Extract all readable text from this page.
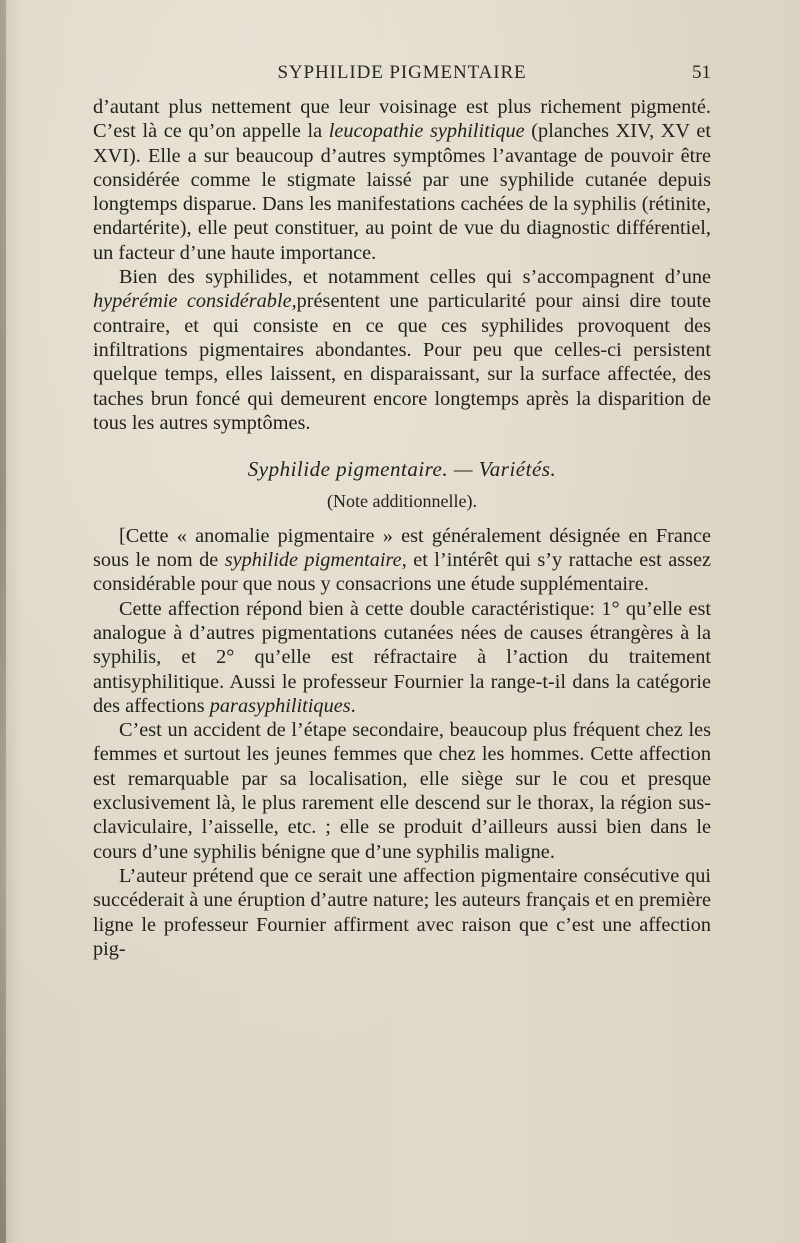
SYPHILIDE PIGMENTAIRE	51

d’autant plus nettement que leur voisinage est plus richement pigmenté. C’est là ce qu’on appelle la leucopathie syphilitique (planches XIV, XV et XVI). Elle a sur beaucoup d’autres symptômes l’avantage de pouvoir être considérée comme le stigmate laissé par une syphilide cutanée depuis longtemps disparue. Dans les manifestations cachées de la syphilis (rétinite, endartérite), elle peut constituer, au point de vue du diagnostic différentiel, un facteur d’une haute importance.

Bien des syphilides, et notamment celles qui s’accompagnent d’une hypérémie considérable,présentent une particularité pour ainsi dire toute contraire, et qui consiste en ce que ces syphilides provoquent des infiltrations pigmentaires abondantes. Pour peu que celles-ci persistent quelque temps, elles laissent, en disparaissant, sur la surface affectée, des taches brun foncé qui demeurent encore longtemps après la disparition de tous les autres symptômes.

Syphilide pigmentaire. — Variétés.

(Note additionnelle).

[Cette « anomalie pigmentaire » est généralement désignée en France sous le nom de syphilide pigmentaire, et l’intérêt qui s’y rattache est assez considérable pour que nous y consacrions une étude supplémentaire.

Cette affection répond bien à cette double caractéristique: 1° qu’elle est analogue à d’autres pigmentations cutanées nées de causes étrangères à la syphilis, et 2° qu’elle est réfractaire à l’action du traitement antisyphilitique. Aussi le professeur Fournier la range-t-il dans la catégorie des affections parasyphilitiques.

C’est un accident de l’étape secondaire, beaucoup plus fréquent chez les femmes et surtout les jeunes femmes que chez les hommes. Cette affection est remarquable par sa localisation, elle siège sur le cou et presque exclusivement là, le plus rarement elle descend sur le thorax, la région sus-claviculaire, l’aisselle, etc. ; elle se produit d’ailleurs aussi bien dans le cours d’une syphilis bénigne que d’une syphilis maligne.

L’auteur prétend que ce serait une affection pigmentaire consécutive qui succéderait à une éruption d’autre nature; les auteurs français et en première ligne le professeur Fournier affirment avec raison que c’est une affection pig-
